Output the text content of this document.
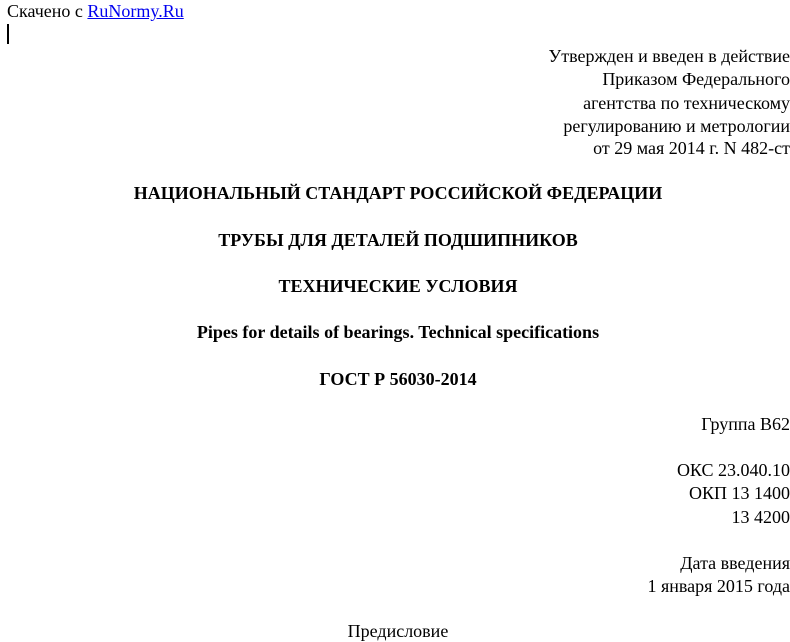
Скачено с RuNormy.Ru
Утвержден и введен в действие
Приказом Федерального
агентства по техническому
регулированию и метрологии
от 29 мая 2014 г. N 482-ст
НАЦИОНАЛЬНЫЙ СТАНДАРТ РОССИЙСКОЙ ФЕДЕРАЦИИ
ТРУБЫ ДЛЯ ДЕТАЛЕЙ ПОДШИПНИКОВ
ТЕХНИЧЕСКИЕ УСЛОВИЯ
Pipes for details of bearings. Technical specifications
ГОСТ Р 56030-2014
Группа В62
ОКС 23.040.10
ОКП 13 1400
13 4200
Дата введения
1 января 2015 года
Предисловие
